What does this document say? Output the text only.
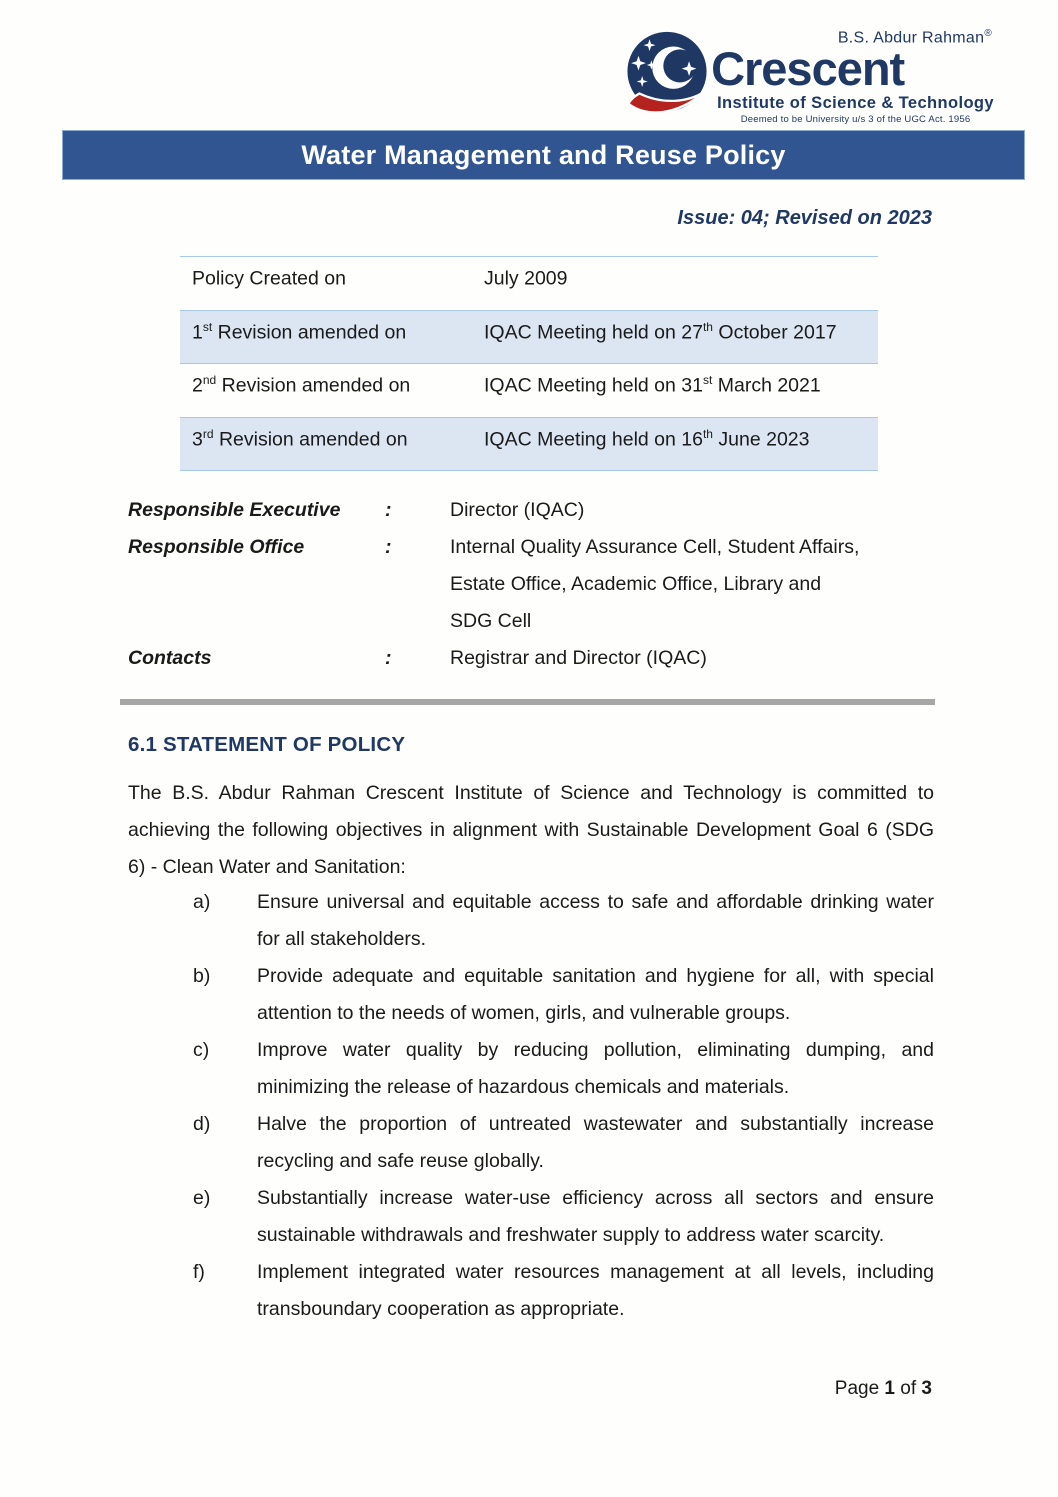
B.S. Abdur Rahman®
Crescent
Institute of Science & Technology
Deemed to be University u/s 3 of the UGC Act. 1956
Water Management and Reuse Policy
Issue: 04; Revised on 2023
Policy Created on	July 2009
1st Revision amended on	IQAC Meeting held on 27th October 2017
2nd Revision amended on	IQAC Meeting held on 31st March 2021
3rd Revision amended on	IQAC Meeting held on 16th June 2023
Responsible Executive	:	Director (IQAC)
Responsible Office	:	Internal Quality Assurance Cell, Student Affairs,
Estate Office, Academic Office, Library and
SDG Cell
Contacts	:	Registrar and Director (IQAC)
6.1 STATEMENT OF POLICY
The B.S. Abdur Rahman Crescent Institute of Science and Technology is committed to achieving the following objectives in alignment with Sustainable Development Goal 6 (SDG 6) - Clean Water and Sanitation:
a) Ensure universal and equitable access to safe and affordable drinking water for all stakeholders.
b) Provide adequate and equitable sanitation and hygiene for all, with special attention to the needs of women, girls, and vulnerable groups.
c) Improve water quality by reducing pollution, eliminating dumping, and minimizing the release of hazardous chemicals and materials.
d) Halve the proportion of untreated wastewater and substantially increase recycling and safe reuse globally.
e) Substantially increase water-use efficiency across all sectors and ensure sustainable withdrawals and freshwater supply to address water scarcity.
f)	Implement integrated water resources management at all levels, including transboundary cooperation as appropriate.
Page 1 of 3
